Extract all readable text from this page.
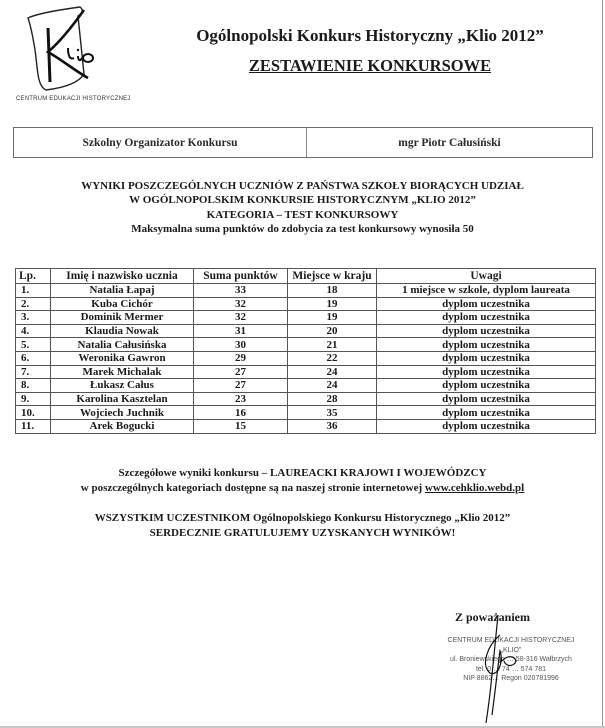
CENTRUM EDUKACJI HISTORYCZNEJ
Ogólnopolski Konkurs Historyczny „Klio 2012”
ZESTAWIENIE KONKURSOWE
Szkolny Organizator Konkursu	mgr Piotr Całusiński
WYNIKI POSZCZEGÓLNYCH UCZNIÓW Z PAŃSTWA SZKOŁY BIORĄCYCH UDZIAŁ
W OGÓLNOPOLSKIM KONKURSIE HISTORYCZNYM „KLIO 2012”
KATEGORIA – TEST KONKURSOWY
Maksymalna suma punktów do zdobycia za test konkursowy wynosiła 50
Lp.	Imię i nazwisko ucznia	Suma punktów	Miejsce w kraju	Uwagi
1.	Natalia Łapaj	33	18	1 miejsce w szkole, dyplom laureata
2.	Kuba Cichór	32	19	dyplom uczestnika
3.	Dominik Mermer	32	19	dyplom uczestnika
4.	Klaudia Nowak	31	20	dyplom uczestnika
5.	Natalia Całusińska	30	21	dyplom uczestnika
6.	Weronika Gawron	29	22	dyplom uczestnika
7.	Marek Michalak	27	24	dyplom uczestnika
8.	Łukasz Całus	27	24	dyplom uczestnika
9.	Karolina Kasztelan	23	28	dyplom uczestnika
10.	Wojciech Juchnik	16	35	dyplom uczestnika
11.	Arek Bogucki	15	36	dyplom uczestnika
Szczegółowe wyniki konkursu – LAUREACKI KRAJOWI I WOJEWÓDZCY
w poszczególnych kategoriach dostępne są na naszej stronie internetowej www.cehklio.webd.pl
WSZYSTKIM UCZESTNIKOM Ogólnopolskiego Konkursu Historycznego „Klio 2012”
SERDECZNIE GRATULUJEMY UZYSKANYCH WYNIKÓW!
Z poważaniem
CENTRUM EDUKACJI HISTORYCZNEJ
„KLIO”
ul. Broniewskiego … 58-316 Wałbrzych
tel. 0 … 74 … 574 781
NIP 8862… Regon 020781996
